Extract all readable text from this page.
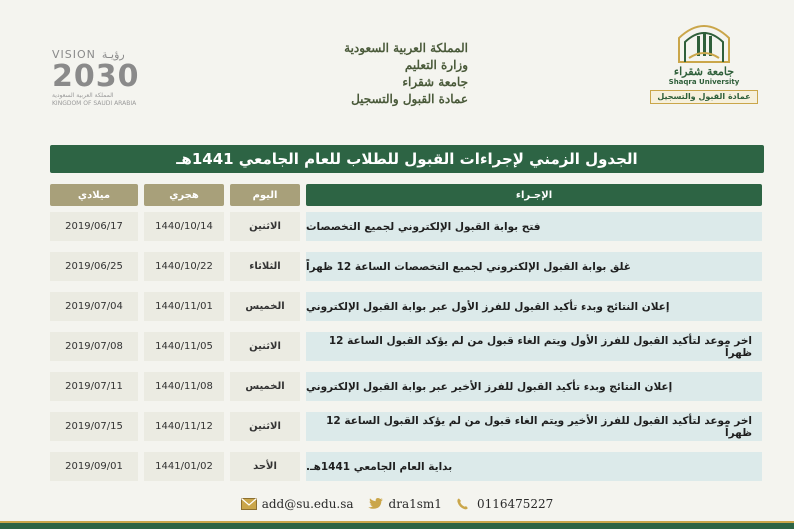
VISION رؤيـة
2030
المملكة العربية السعودية
KINGDOM OF SAUDI ARABIA
المملكة العربية السعودية
وزارة التعليم
جامعة شقراء
عمادة القبول والتسجيل
جامعة شقراء
Shaqra University
عمادة القبول والتسجيل
الجدول الزمني لإجراءات القبول للطلاب للعام الجامعي 1441هـ
ميلادي	هجري	اليوم	الإجـراء
2019/06/17	1440/10/14	الاثنين	فتح بوابة القبول الإلكتروني لجميع التخصصات
2019/06/25	1440/10/22	الثلاثاء	غلق بوابة القبول الإلكتروني لجميع التخصصات الساعة 12 ظهراً
2019/07/04	1440/11/01	الخميس	إعلان النتائج وبدء تأكيد القبول للفرز الأول عبر بوابة القبول الإلكتروني
2019/07/08	1440/11/05	الاثنين	اخر موعد لتأكيد القبول للفرز الأول ويتم الغاء قبول من لم يؤكد القبول الساعة 12 ظهراً
2019/07/11	1440/11/08	الخميس	إعلان النتائج وبدء تأكيد القبول للفرز الأخير عبر بوابة القبول الإلكتروني
2019/07/15	1440/11/12	الاثنين	اخر موعد لتأكيد القبول للفرز الأخير ويتم الغاء قبول من لم يؤكد القبول الساعة 12 ظهراً
2019/09/01	1441/01/02	الأحد	بداية العام الجامعي 1441هـ.
add@su.edu.sa	dra1sm1	0116475227
